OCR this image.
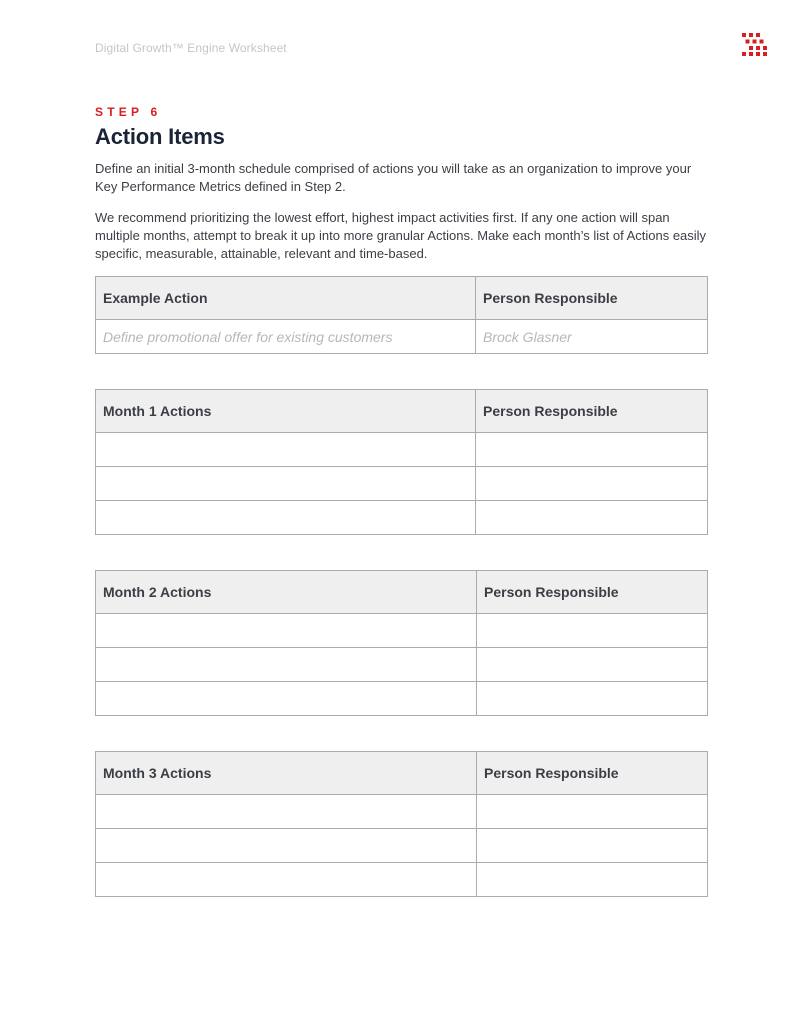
Digital Growth™ Engine Worksheet
STEP 6
Action Items

Define an initial 3-month schedule comprised of actions you will take as an organization to improve your Key Performance Metrics defined in Step 2.

We recommend prioritizing the lowest effort, highest impact activities first. If any one action will span multiple months, attempt to break it up into more granular Actions. Make each month’s list of Actions easily specific, measurable, attainable, relevant and time-based.

Example Action	Person Responsible
Define promotional offer for existing customers	Brock Glasner
Month 1 Actions	Person Responsible

Month 2 Actions	Person Responsible

Month 3 Actions	Person Responsible
